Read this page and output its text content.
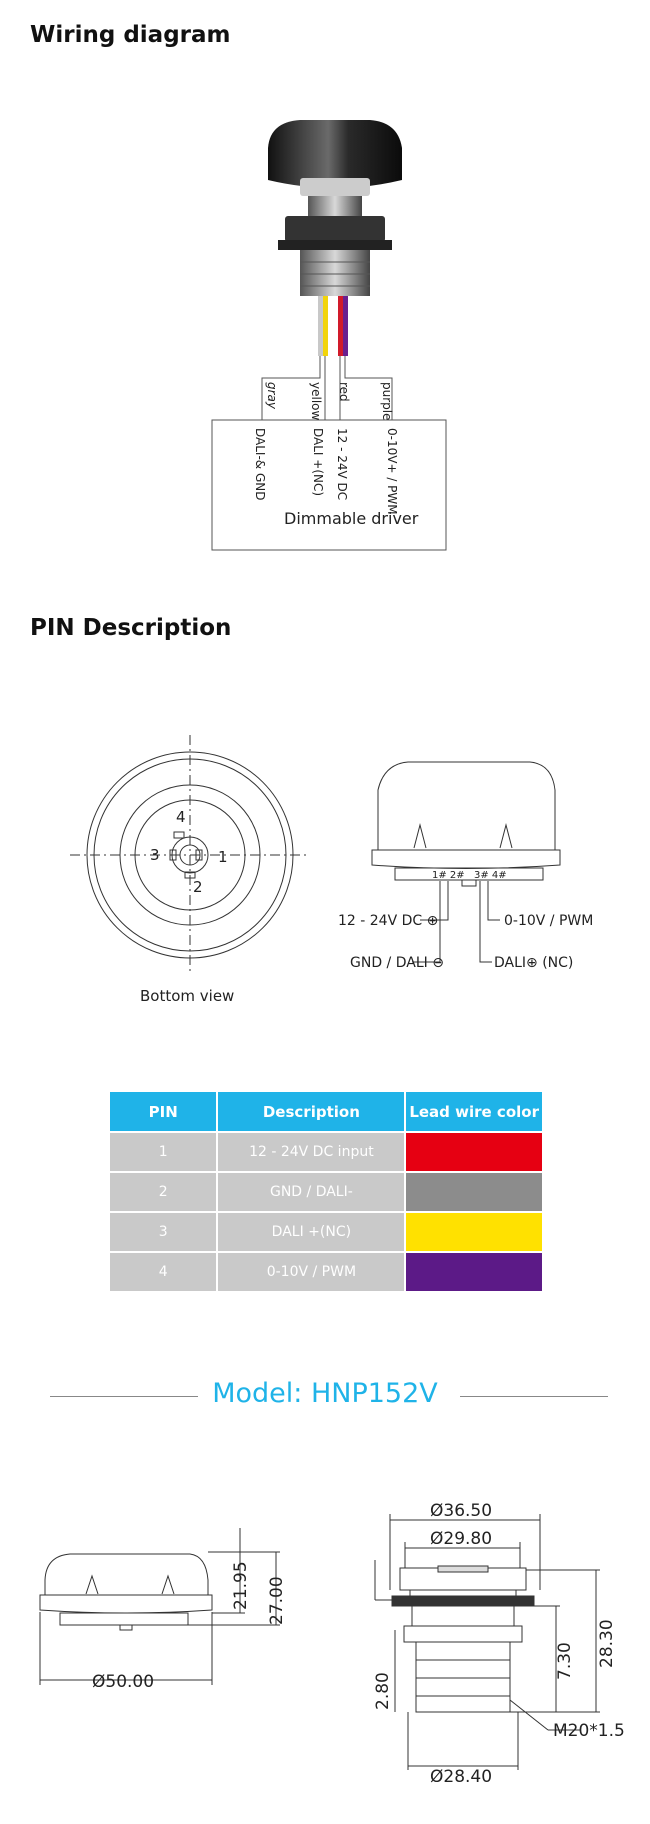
Wiring diagram
gray	yellow red purple
DALI-& GND	DALI +(NC) 12 - 24V DC	0-10V+ / PWM
Dimmable driver
PIN Description
4
3	1
2
Bottom view
1# 2# 3# 4#
12 - 24V DC ⊕
GND / DALI ⊖
0-10V / PWM
DALI⊕ (NC)
PIN	Description	Lead wire color
1	12 - 24V DC input	
2	GND / DALI-	
3	DALI +(NC)	
4	0-10V / PWM	
Model: HNP152V
21.95 27.00
Ø50.00
Ø36.50
Ø29.80
28.30
7.30
2.80
M20*1.5
Ø28.40
